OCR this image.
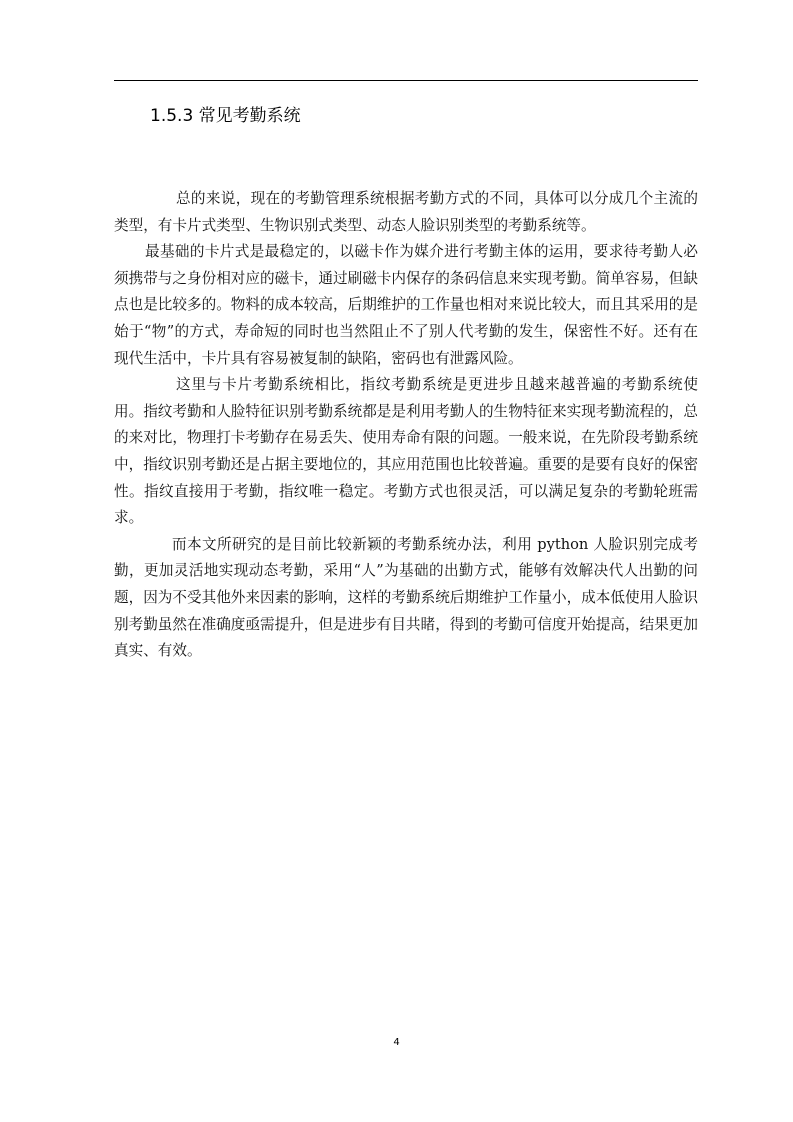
1.5.3 常见考勤系统

总的来说，现在的考勤管理系统根据考勤方式的不同，具体可以分成几个主流的类型，有卡片式类型、生物识别式类型、动态人脸识别类型的考勤系统等。

最基础的卡片式是最稳定的，以磁卡作为媒介进行考勤主体的运用，要求待考勤人必须携带与之身份相对应的磁卡，通过刷磁卡内保存的条码信息来实现考勤。简单容易，但缺点也是比较多的。物料的成本较高，后期维护的工作量也相对来说比较大，而且其采用的是始于“物”的方式，寿命短的同时也当然阻止不了别人代考勤的发生，保密性不好。还有在现代生活中，卡片具有容易被复制的缺陷，密码也有泄露风险。

这里与卡片考勤系统相比，指纹考勤系统是更进步且越来越普遍的考勤系统使用。指纹考勤和人脸特征识别考勤系统都是是利用考勤人的生物特征来实现考勤流程的，总的来对比，物理打卡考勤存在易丢失、使用寿命有限的问题。一般来说，在先阶段考勤系统中，指纹识别考勤还是占据主要地位的，其应用范围也比较普遍。重要的是要有良好的保密性。指纹直接用于考勤，指纹唯一稳定。考勤方式也很灵活，可以满足复杂的考勤轮班需求。

而本文所研究的是目前比较新颖的考勤系统办法，利用 python 人脸识别完成考勤，更加灵活地实现动态考勤，采用“人”为基础的出勤方式，能够有效解决代人出勤的问题，因为不受其他外来因素的影响，这样的考勤系统后期维护工作量小，成本低使用人脸识别考勤虽然在准确度亟需提升，但是进步有目共睹，得到的考勤可信度开始提高，结果更加真实、有效。

4
